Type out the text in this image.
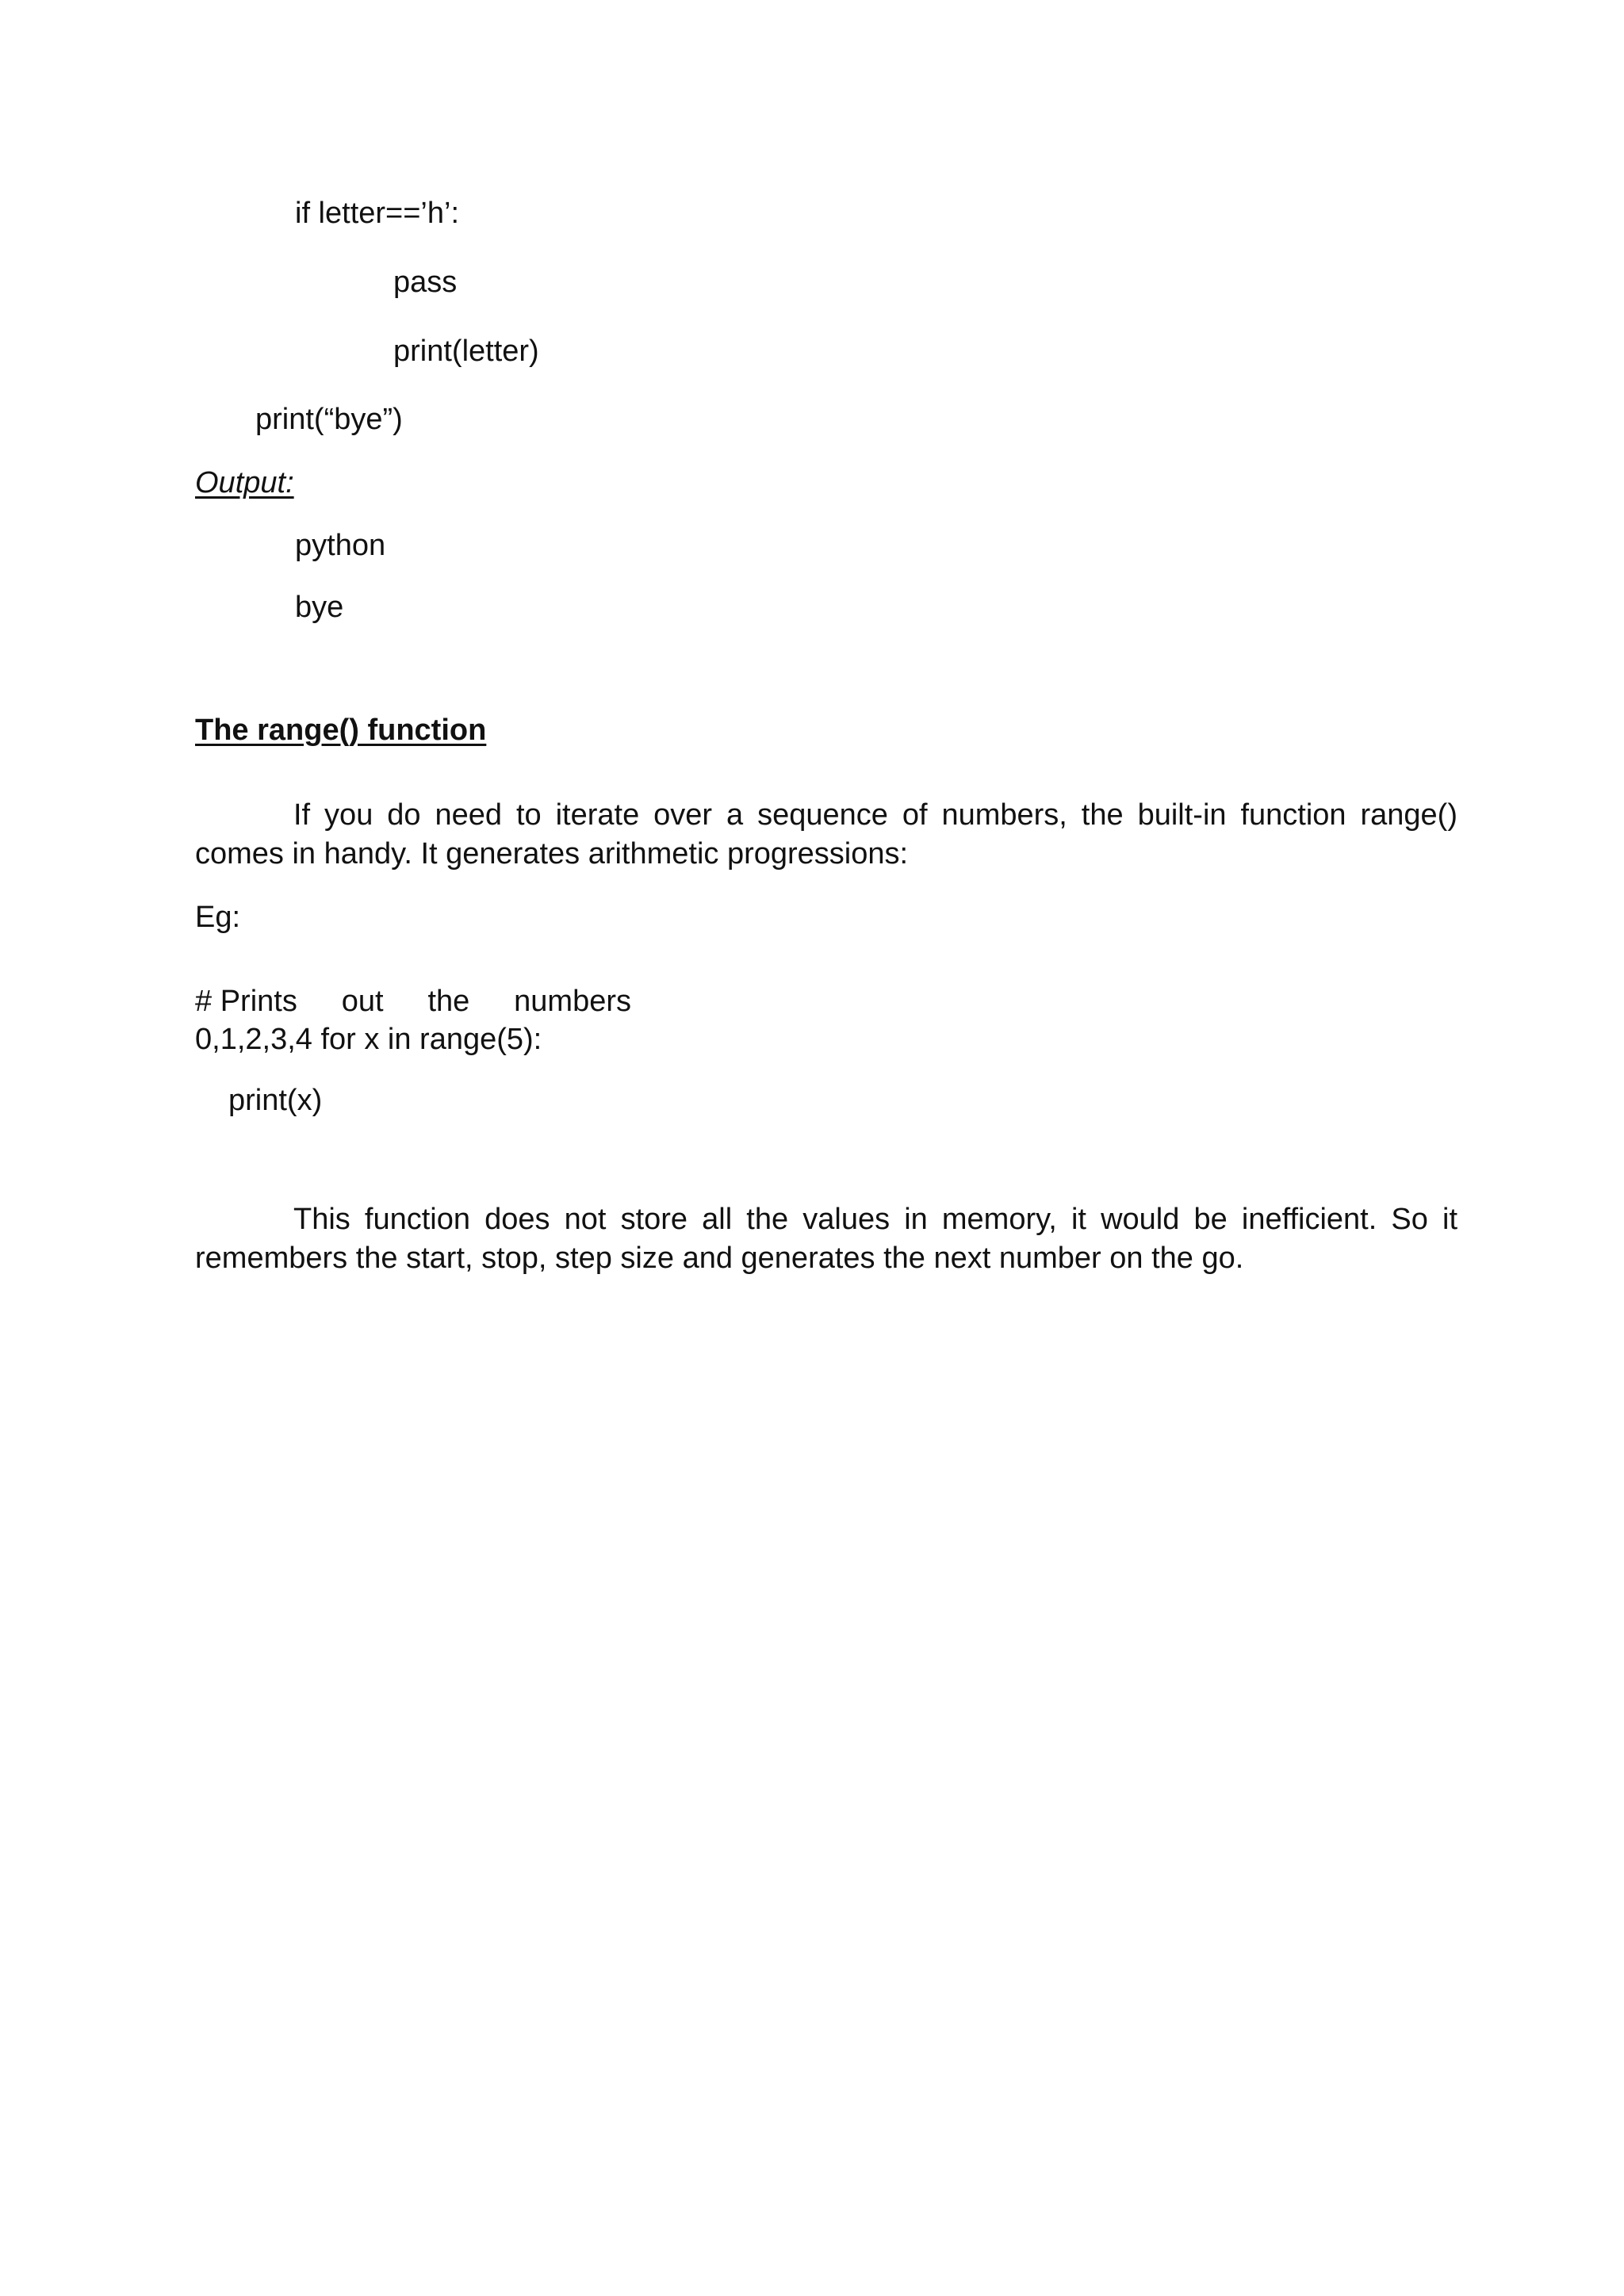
if letter==’h’:
pass
print(letter)
print(“bye”)
Output:
python
bye
The range() function
If you do need to iterate over a sequence of numbers, the built-in function range() comes in handy. It generates arithmetic progressions:
Eg:
# Prints out the numbers
0,1,2,3,4 for x in range(5):
print(x)
This function does not store all the values in memory, it would be inefficient. So it remembers the start, stop, step size and generates the next number on the go.
